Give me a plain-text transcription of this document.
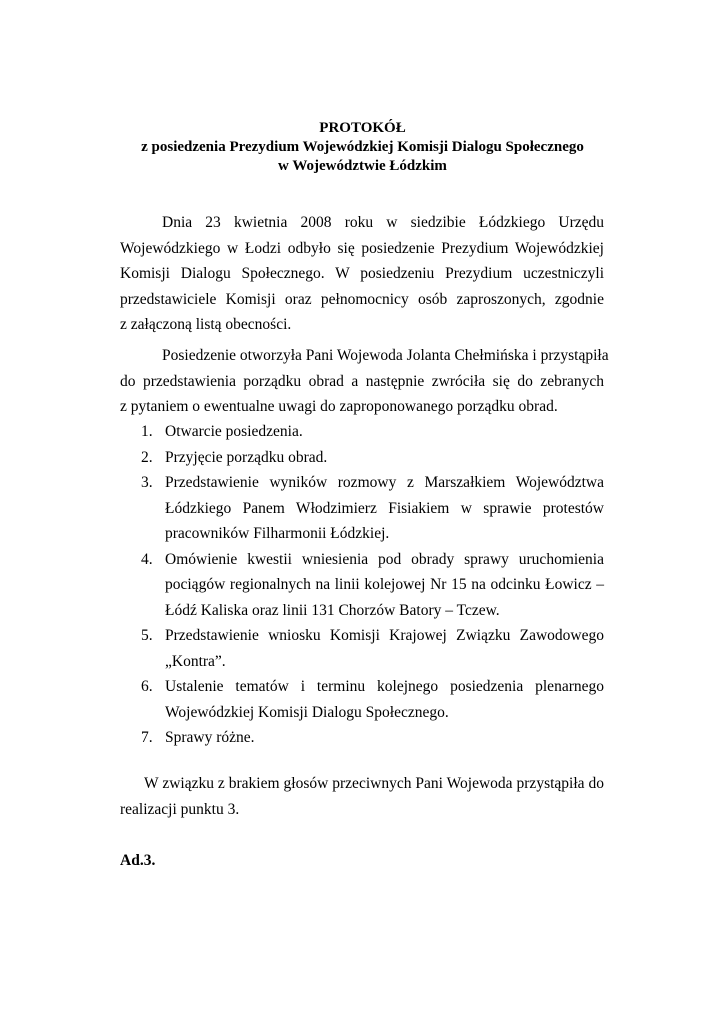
PROTOKÓŁ
z posiedzenia Prezydium Wojewódzkiej Komisji Dialogu Społecznego
w Województwie Łódzkim
Dnia 23 kwietnia 2008 roku w siedzibie Łódzkiego Urzędu
Wojewódzkiego w Łodzi odbyło się posiedzenie Prezydium Wojewódzkiej
Komisji Dialogu Społecznego. W posiedzeniu Prezydium uczestniczyli
przedstawiciele Komisji oraz pełnomocnicy osób zaproszonych, zgodnie
z załączoną listą obecności.
Posiedzenie otworzyła Pani Wojewoda Jolanta Chełmińska i przystąpiła
do przedstawienia porządku obrad a następnie zwróciła się do zebranych
z pytaniem o ewentualne uwagi do zaproponowanego porządku obrad.
1. Otwarcie posiedzenia.
2. Przyjęcie porządku obrad.
3. Przedstawienie wyników rozmowy z Marszałkiem Województwa
Łódzkiego Panem Włodzimierz Fisiakiem w sprawie protestów
pracowników Filharmonii Łódzkiej.
4. Omówienie kwestii wniesienia pod obrady sprawy uruchomienia
pociągów regionalnych na linii kolejowej Nr 15 na odcinku Łowicz –
Łódź Kaliska oraz linii 131 Chorzów Batory – Tczew.
5. Przedstawienie wniosku Komisji Krajowej Związku Zawodowego
„Kontra”.
6. Ustalenie tematów i terminu kolejnego posiedzenia plenarnego
Wojewódzkiej Komisji Dialogu Społecznego.
7. Sprawy różne.
W związku z brakiem głosów przeciwnych Pani Wojewoda przystąpiła do
realizacji punktu 3.
Ad.3.
